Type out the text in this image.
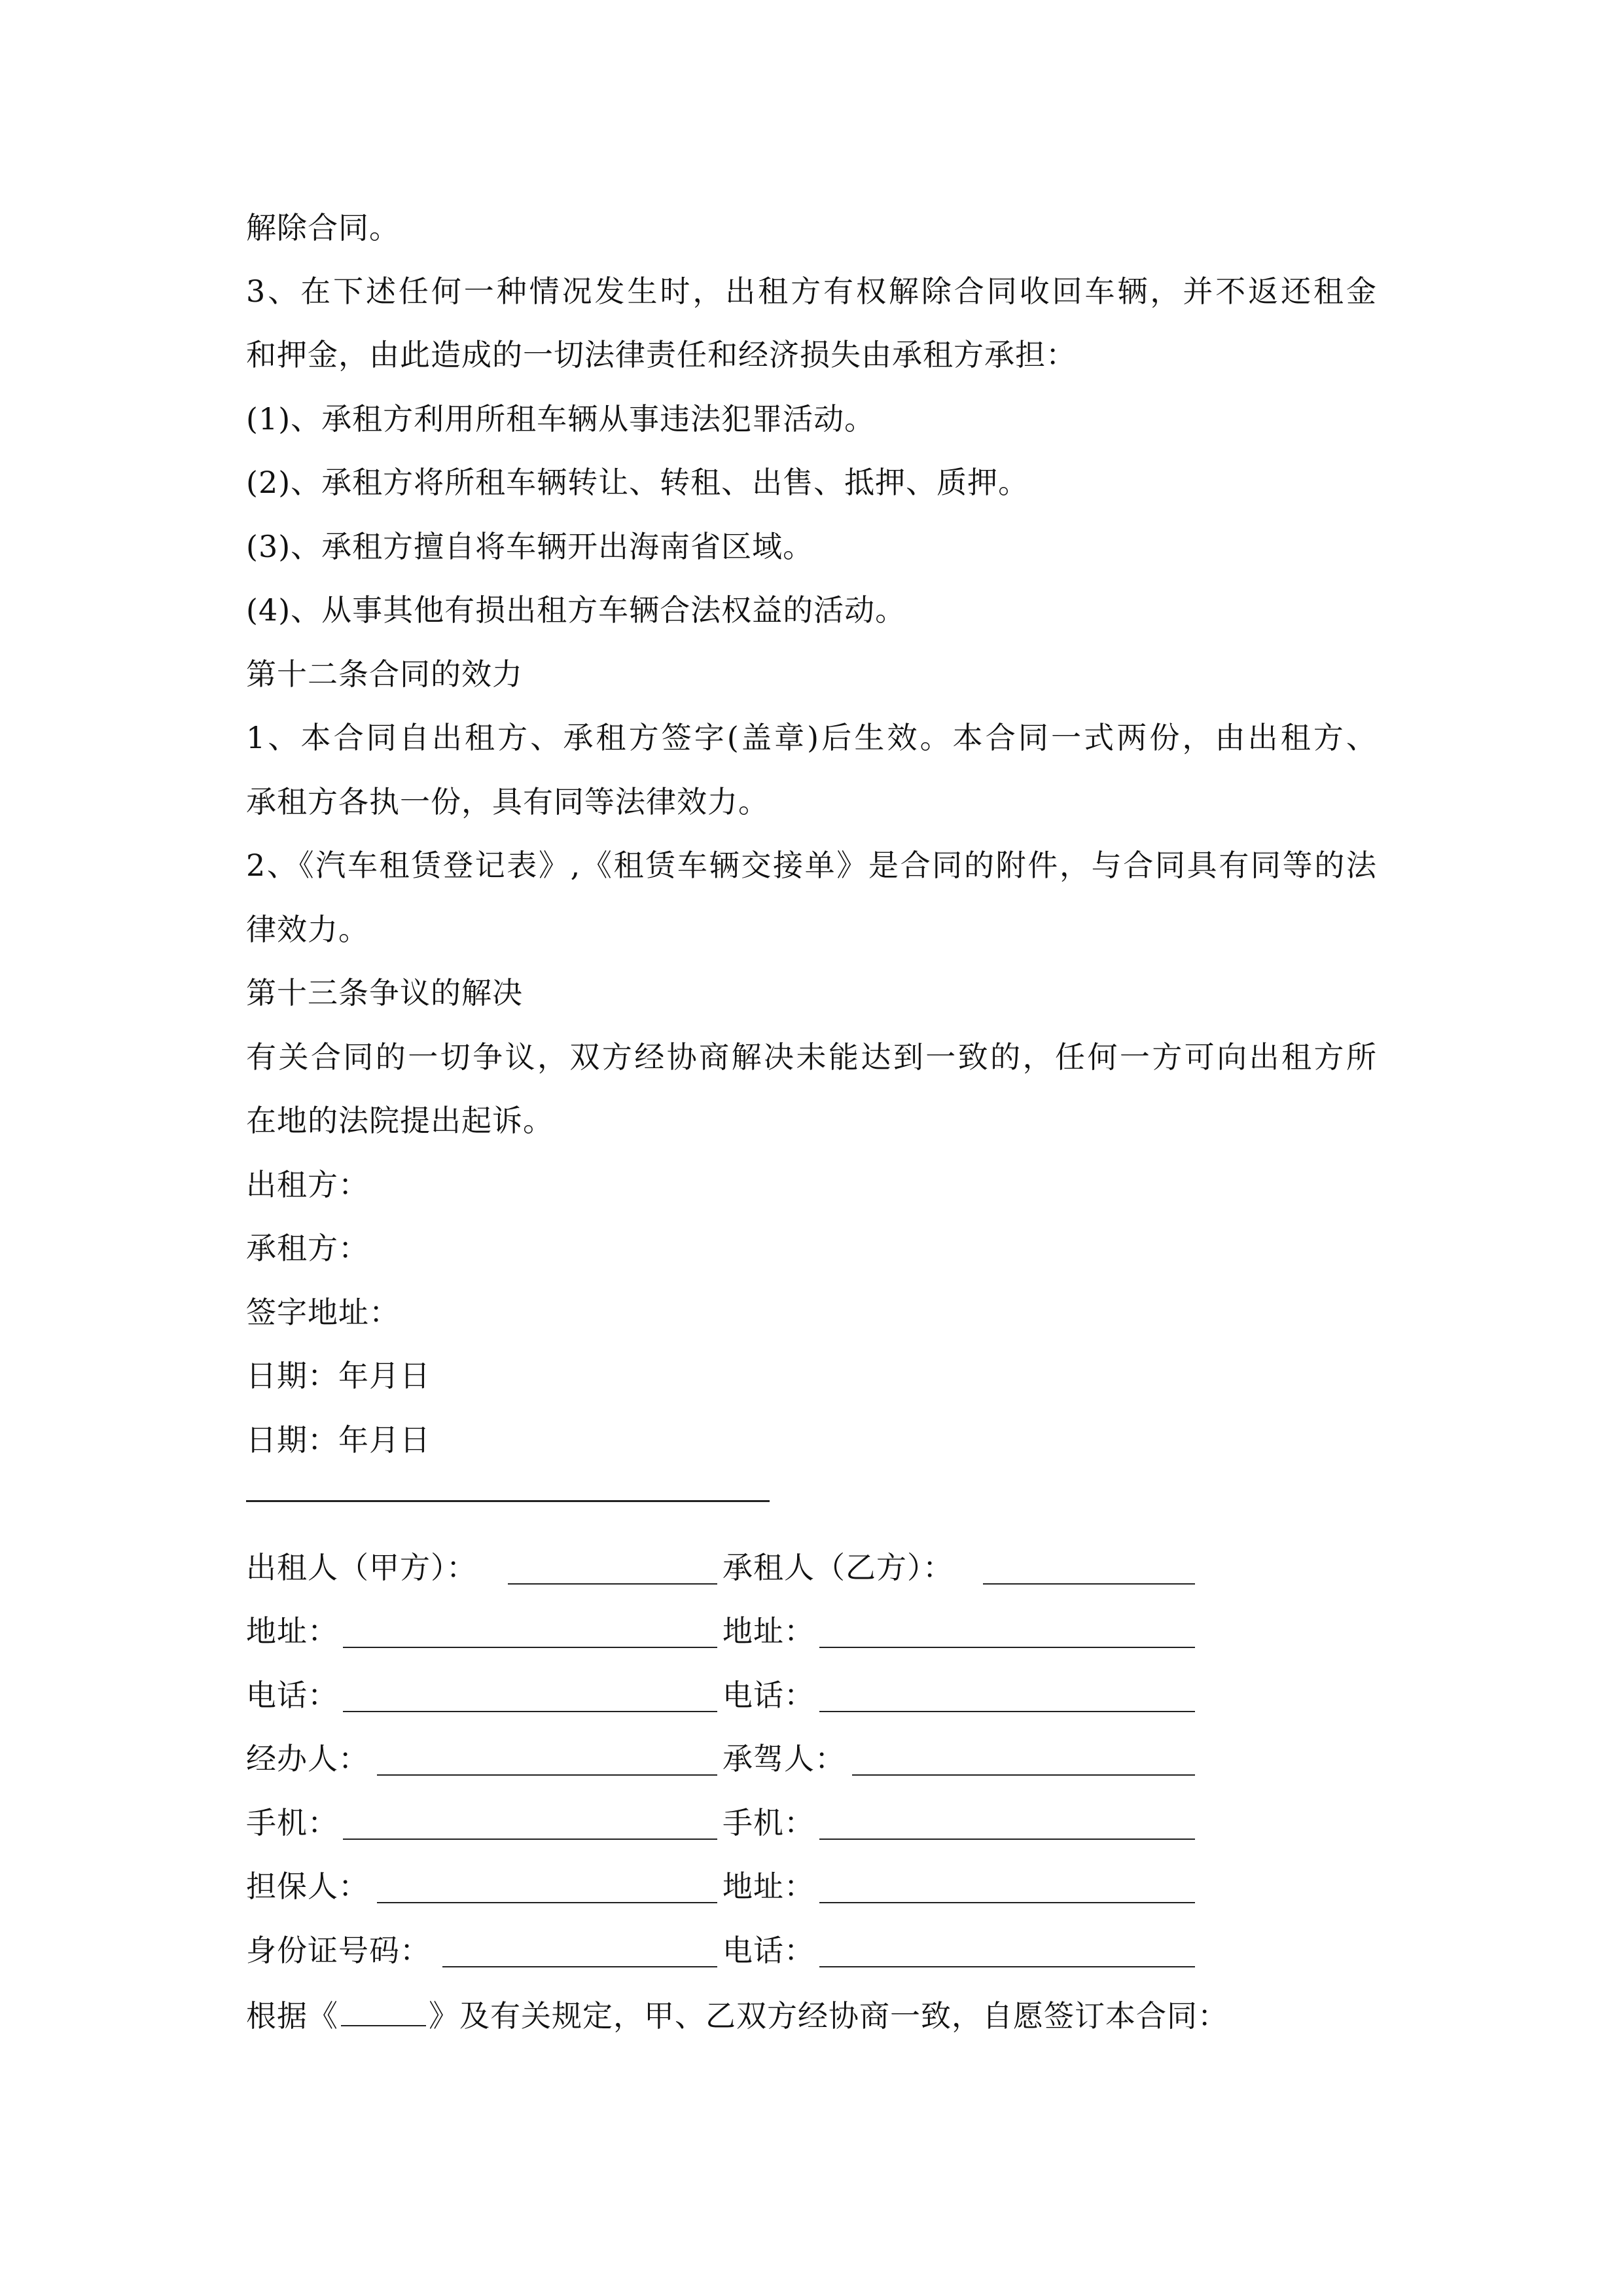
解除合同。
3、在下述任何一种情况发生时，出租方有权解除合同收回车辆，并不返还租金
和押金，由此造成的一切法律责任和经济损失由承租方承担：
(1)、承租方利用所租车辆从事违法犯罪活动。
(2)、承租方将所租车辆转让、转租、出售、抵押、质押。
(3)、承租方擅自将车辆开出海南省区域。
(4)、从事其他有损出租方车辆合法权益的活动。
第十二条合同的效力
1、本合同自出租方、承租方签字(盖章)后生效。本合同一式两份，由出租方、
承租方各执一份，具有同等法律效力。
2、《汽车租赁登记表》,《租赁车辆交接单》是合同的附件，与合同具有同等的法
律效力。
第十三条争议的解决
有关合同的一切争议，双方经协商解决未能达到一致的，任何一方可向出租方所
在地的法院提出起诉。
出租方：
承租方：
签字地址：
日期：年月日
日期：年月日
出租人（甲方）：	承租人（乙方）：
地址：	地址：
电话：	电话：
经办人：	承驾人：
手机：	手机：
担保人：	地址：
身份证号码：	电话：
根据《	》及有关规定，甲、乙双方经协商一致，自愿签订本合同：
